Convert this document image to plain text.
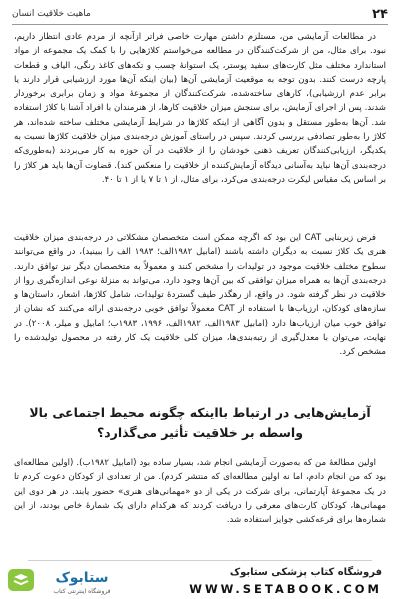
۲۴
ماهیت خلاقیت انسان

در مطالعات آزمایشی من، مستلزم داشتن مهارت خاصی فراتر ازآنچه از مردم عادی انتظار داریم، نبود. برای مثال، من از شرکت‌کنندگان در مطالعه می‌خواستم کلاژهایی را با کمک یک مجموعه از مواد استاندارد مختلف مثل کارت‌های سفید پوستر، یک استوانهٔ چسب و تکه‌های کاغذ رنگی، الیاف و قطعات پارچه درست کنند. بدون توجه به موقعیت آزمایشی آن‌ها (بیان اینکه آن‌ها مورد ارزشیابی قرار دارند یا برابر عدم ارزشیابی)، کارهای ساخته‌شده، شرکت‌کنندگان از مجموعهٔ مواد و زمان برابری برخوردار شدند. پس از اجرای آزمایش، برای سنجش میزان خلاقیت کارها، از هنرمندان با افراد آشنا با کلاژ استفاده شد. آن‌ها به‌طور مستقل و بدون آگاهی از اینکه کلاژها در شرایط آزمایشی مختلف ساخته شده‌اند، هر کلاژ را به‌طور تصادفی بررسی کردند. سپس در راستای آموزش درجه‌بندی میزان خلاقیت کلاژها نسبت به یکدیگر، ارزیابی‌کنندگان تعریف ذهنی خودشان را از خلاقیت در آن حوزه به کار می‌بردند (به‌طوری‌که درجه‌بندی آن‌ها نباید به‌آسانی دیدگاه آزمایش‌کننده از خلاقیت را منعکس کند). قضاوت آن‌ها باید هر کلاژ را بر اساس یک مقیاس لیکرت درجه‌بندی می‌کرد، برای مثال، از ۱ تا ۷ یا از ۱ تا ۴۰.

فرض زیربنایی CAT این بود که اگرچه ممکن است متخصصان مشکلاتی در درجه‌بندی میزان خلاقیت هنری یک کلاژ نسبت به دیگران داشته باشند (امابیل ۱۹۸۲الف؛ ۱۹۸۳ الف را ببینید)، در واقع می‌توانند سطوح مختلف خلاقیت موجود در تولیدات را مشخص کنند و معمولاً به متخصصان دیگر نیز توافق دارند. درجه‌بندی آن‌ها به همراه میزان توافقی که بین آن‌ها وجود دارد، می‌تواند به منزلهٔ نوعی اندازه‌گیری روا از خلاقیت در نظر گرفته شود. در واقع، از رهگذر طیف گستردهٔ تولیدات، شامل کلاژها، اشعار، داستان‌ها و سازه‌های کودکان، ارزیاب‌ها با استفاده از CAT معمولاً توافق خوبی درجه‌بندی ارائه می‌کنند که نشان از توافق خوب میان ارزیاب‌ها دارد (امابیل ۱۹۸۳الف، ۱۹۸۲الف، ۱۹۹۶، ۱۹۸۳ب؛ امابیل و میلر، ۲۰۰۸). در نهایت، می‌توان با معدل‌گیری از رتبه‌بندی‌ها، میزان کلی خلاقیت یک کار رفته در محصول تولیدشده را مشخص کرد.

آزمایش‌هایی در ارتباط بااینکه چگونه محیط اجتماعی بالا واسطه بر خلاقیت تأثیر می‌گذارد؟

اولین مطالعهٔ من که به‌صورت آزمایشی انجام شد، بسیار ساده بود (امابیل ۱۹۸۲ب). (اولین مطالعه‌ای بود که من انجام دادم، اما نه اولین مطالعه‌ای که منتشر کردم). من از تعدادی از کودکان دعوت کردم تا در یک مجموعهٔ آپارتمانی، برای شرکت در یکی از دو «مهمانی‌های هنری» حضور یابند. در هر دوی این مهمانی‌ها، کودکان کارت‌های معرفی را دریافت کردند که هرکدام دارای یک شمارهٔ خاص بودند، از این شماره‌ها برای قرعه‌کشی جوایز استفاده شد.

ستابوک
فروشگاه اینترنتی کتاب
فروشگاه کتاب پزشکی ستابوک
WWW.SETABOOK.COM
